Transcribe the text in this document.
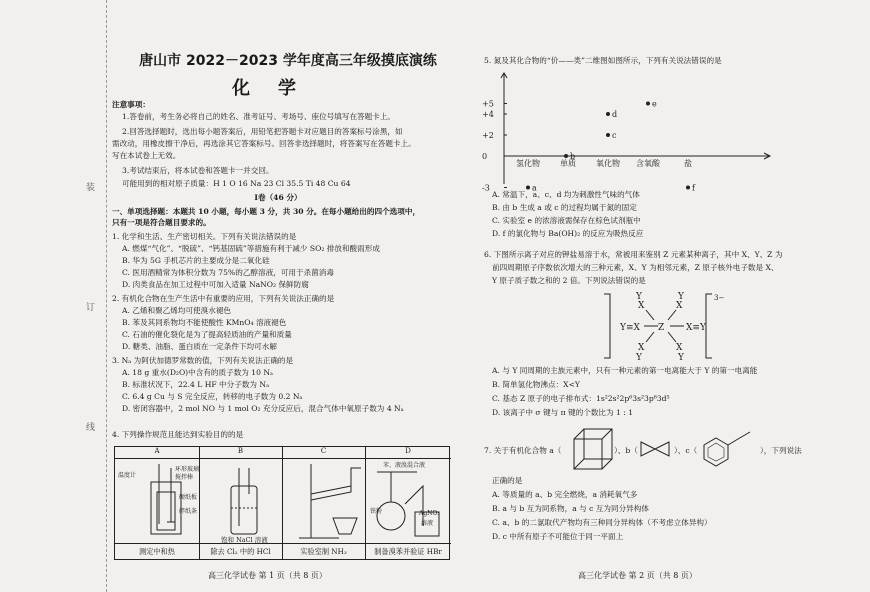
装
订
线
唐山市 2022－2023 学年度高三年级摸底演练
化学
注意事项：
1.答卷前，考生务必将自己的姓名、准考证号、考场号、座位号填写在答题卡上。
2.回答选择题时，选出每小题答案后，用铅笔把答题卡对应题目的答案标号涂黑，如
需改动，用橡皮擦干净后，再选涂其它答案标号。回答非选择题时，将答案写在答题卡上。
写在本试卷上无效。
3.考试结束后，将本试卷和答题卡一并交回。
可能用到的相对原子质量：H 1 O 16 Na 23 Cl 35.5 Ti 48 Cu 64
Ⅰ卷（46 分）
一、单项选择题：本题共 10 小题，每小题 3 分，共 30 分。在每小题给出的四个选项中，
只有一项是符合题目要求的。
1. 化学和生活、生产密切相关。下列有关说法错误的是
A. 燃煤“气化”、“脱硫”、“钙基固硫”等措施有利于减少 SO₂ 排放和酸雨形成
B. 华为 5G 手机芯片的主要成分是二氧化硅
C. 医用酒精常为体积分数为 75%的乙醇溶液，可用于杀菌消毒
D. 肉类食品在加工过程中可加入适量 NaNO₂ 保鲜防腐
2. 有机化合物在生产生活中有重要的应用，下列有关说法正确的是
A. 乙烯和聚乙烯均可使溴水褪色
B. 苯及其同系物均不能使酸性 KMnO₄ 溶液褪色
C. 石油的催化裂化是为了提高轻质油的产量和质量
D. 糖类、油脂、蛋白质在一定条件下均可水解
3. Nₐ 为阿伏加德罗常数的值，下列有关说法正确的是
A. 18 g 重水(D₂O)中含有的质子数为 10 Nₐ
B. 标准状况下，22.4 L HF 中分子数为 Nₐ
C. 6.4 g Cu 与 S 完全反应，转移的电子数为 0.2 Nₐ
D. 密闭容器中，2 mol NO 与 1 mol O₂ 充分反应后，混合气体中氧原子数为 4 Nₐ
4. 下列操作规范且能达到实验目的的是
A	B	C	D
温度计
环形玻璃
搅拌棒
硬纸板
碎纸条
饱和 NaCl 溶液
苯、液溴混合液
铁粉	AgNO₃
溶液
测定中和热	除去 Cl₂ 中的 HCl	实验室制 NH₃	制备溴苯并验证 HBr
高三化学试卷 第 1 页（共 8 页）
5. 氮及其化合物的“价——类”二维图如图所示，下列有关说法错误的是
+5
+4
+2
0
-3
氢化物	单质	氧化物 含氧酸	盐
a
b
c
d
e
f
A. 常温下，a、c、d 均为刺激性气味的气体
B. 由 b 生成 a 或 c 的过程均属于氮的固定
C. 实验室 e 的浓溶液需保存在棕色试剂瓶中
D. f 的氯化物与 Ba(OH)₂ 的反应为吸热反应
6. 下图所示离子对应的钾盐易溶于水，常被用来鉴别 Z 元素某种离子，其中 X、Y、Z 为
前四周期原子序数依次增大的三种元素，X、Y 为相邻元素，Z 原子核外电子数是 X、
Y 原子质子数之和的 2 倍。下列说法错误的是
Z
Y≡X	X≡Y
X	X
Y	Y
X	X
Y	Y
3−
A. 与 Y 同周期的主族元素中，只有一种元素的第一电离能大于 Y 的第一电离能
B. 简单氢化物沸点：X<Y
C. 基态 Z 原子的电子排布式：1s²2s²2p⁶3s²3p⁶3d⁵
D. 该离子中 σ 键与 π 键的个数比为 1 : 1
7. 关于有机化合物 a（	）、b（	）、c（	），下列说法
正确的是
A. 等质量的 a、b 完全燃烧，a 消耗氧气多
B. a 与 b 互为同系物，a 与 c 互为同分异构体
C. a、b 的二氯取代产物均有三种同分异构体（不考虑立体异构）
D. c 中所有原子不可能位于同一平面上
高三化学试卷 第 2 页（共 8 页）
